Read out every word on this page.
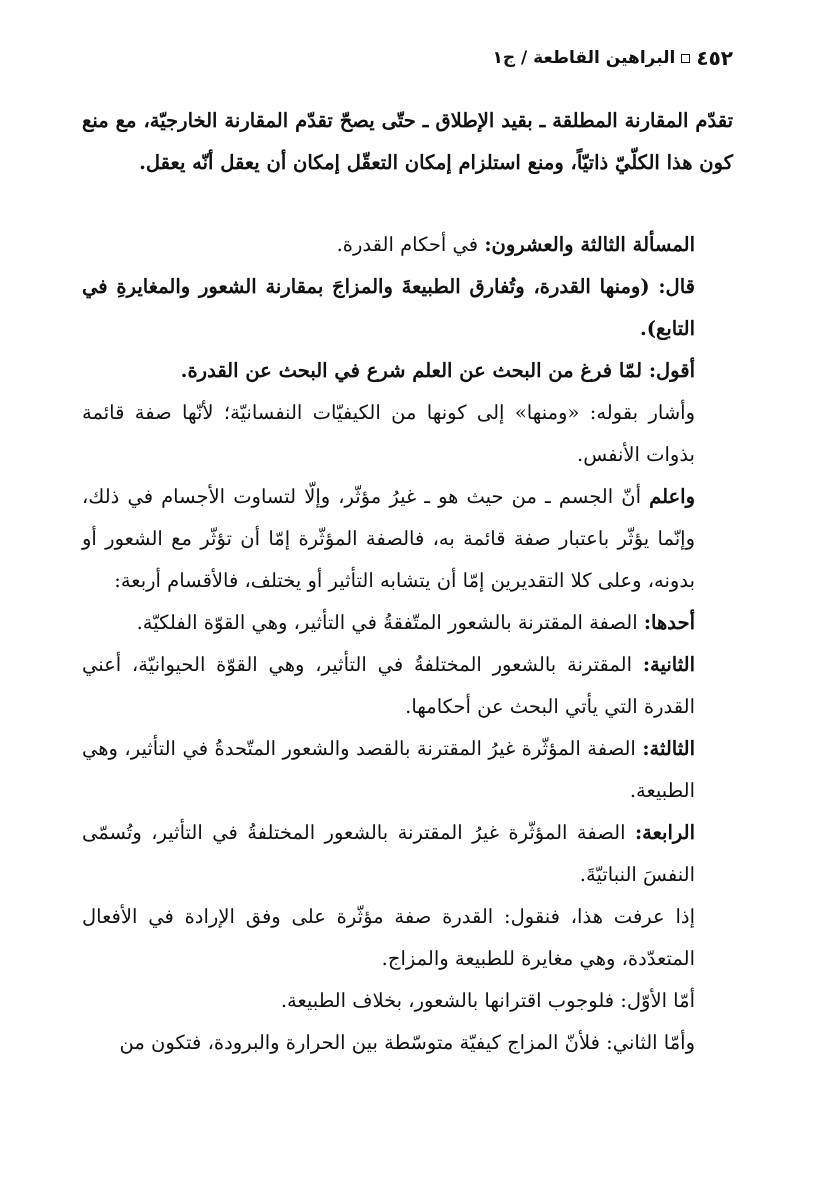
٤٥٢
البراهين القاطعة / ج١

تقدّم المقارنة المطلقة ـ بقيد الإطلاق ـ حتّى يصحّ تقدّم المقارنة الخارجيّة، مع منع كون هذا الكلّيّ ذاتيّاً، ومنع استلزام إمكان التعقّل إمكان أن يعقل أنّه يعقل.

المسألة الثالثة والعشرون: في أحكام القدرة.

قال: (ومنها القدرة، وتُفارق الطبيعةَ والمزاجَ بمقارنة الشعور والمغايرةِ في التابع).

أقول: لمّا فرغ من البحث عن العلم شرع في البحث عن القدرة.

وأشار بقوله: «ومنها» إلى كونها من الكيفيّات النفسانيّة؛ لأنّها صفة قائمة بذوات الأنفس.

واعلم أنّ الجسم ـ من حيث هو ـ غيرُ مؤثّر، وإلّا لتساوت الأجسام في ذلك، وإنّما يؤثّر باعتبار صفة قائمة به، فالصفة المؤثّرة إمّا أن تؤثّر مع الشعور أو بدونه، وعلى كلا التقديرين إمّا أن يتشابه التأثير أو يختلف، فالأقسام أربعة:

أحدها: الصفة المقترنة بالشعور المتّفقةُ في التأثير، وهي القوّة الفلكيّة.

الثانية: المقترنة بالشعور المختلفةُ في التأثير، وهي القوّة الحيوانيّة، أعني القدرة التي يأتي البحث عن أحكامها.

الثالثة: الصفة المؤثّرة غيرُ المقترنة بالقصد والشعور المتّحدةُ في التأثير، وهي الطبيعة.

الرابعة: الصفة المؤثّرة غيرُ المقترنة بالشعور المختلفةُ في التأثير، وتُسمّى النفسَ النباتيّةَ.

إذا عرفت هذا، فنقول: القدرة صفة مؤثّرة على وفق الإرادة في الأفعال المتعدّدة، وهي مغايرة للطبيعة والمزاج.

أمّا الأوّل: فلوجوب اقترانها بالشعور، بخلاف الطبيعة.

وأمّا الثاني: فلأنّ المزاج كيفيّة متوسّطة بين الحرارة والبرودة، فتكون من
